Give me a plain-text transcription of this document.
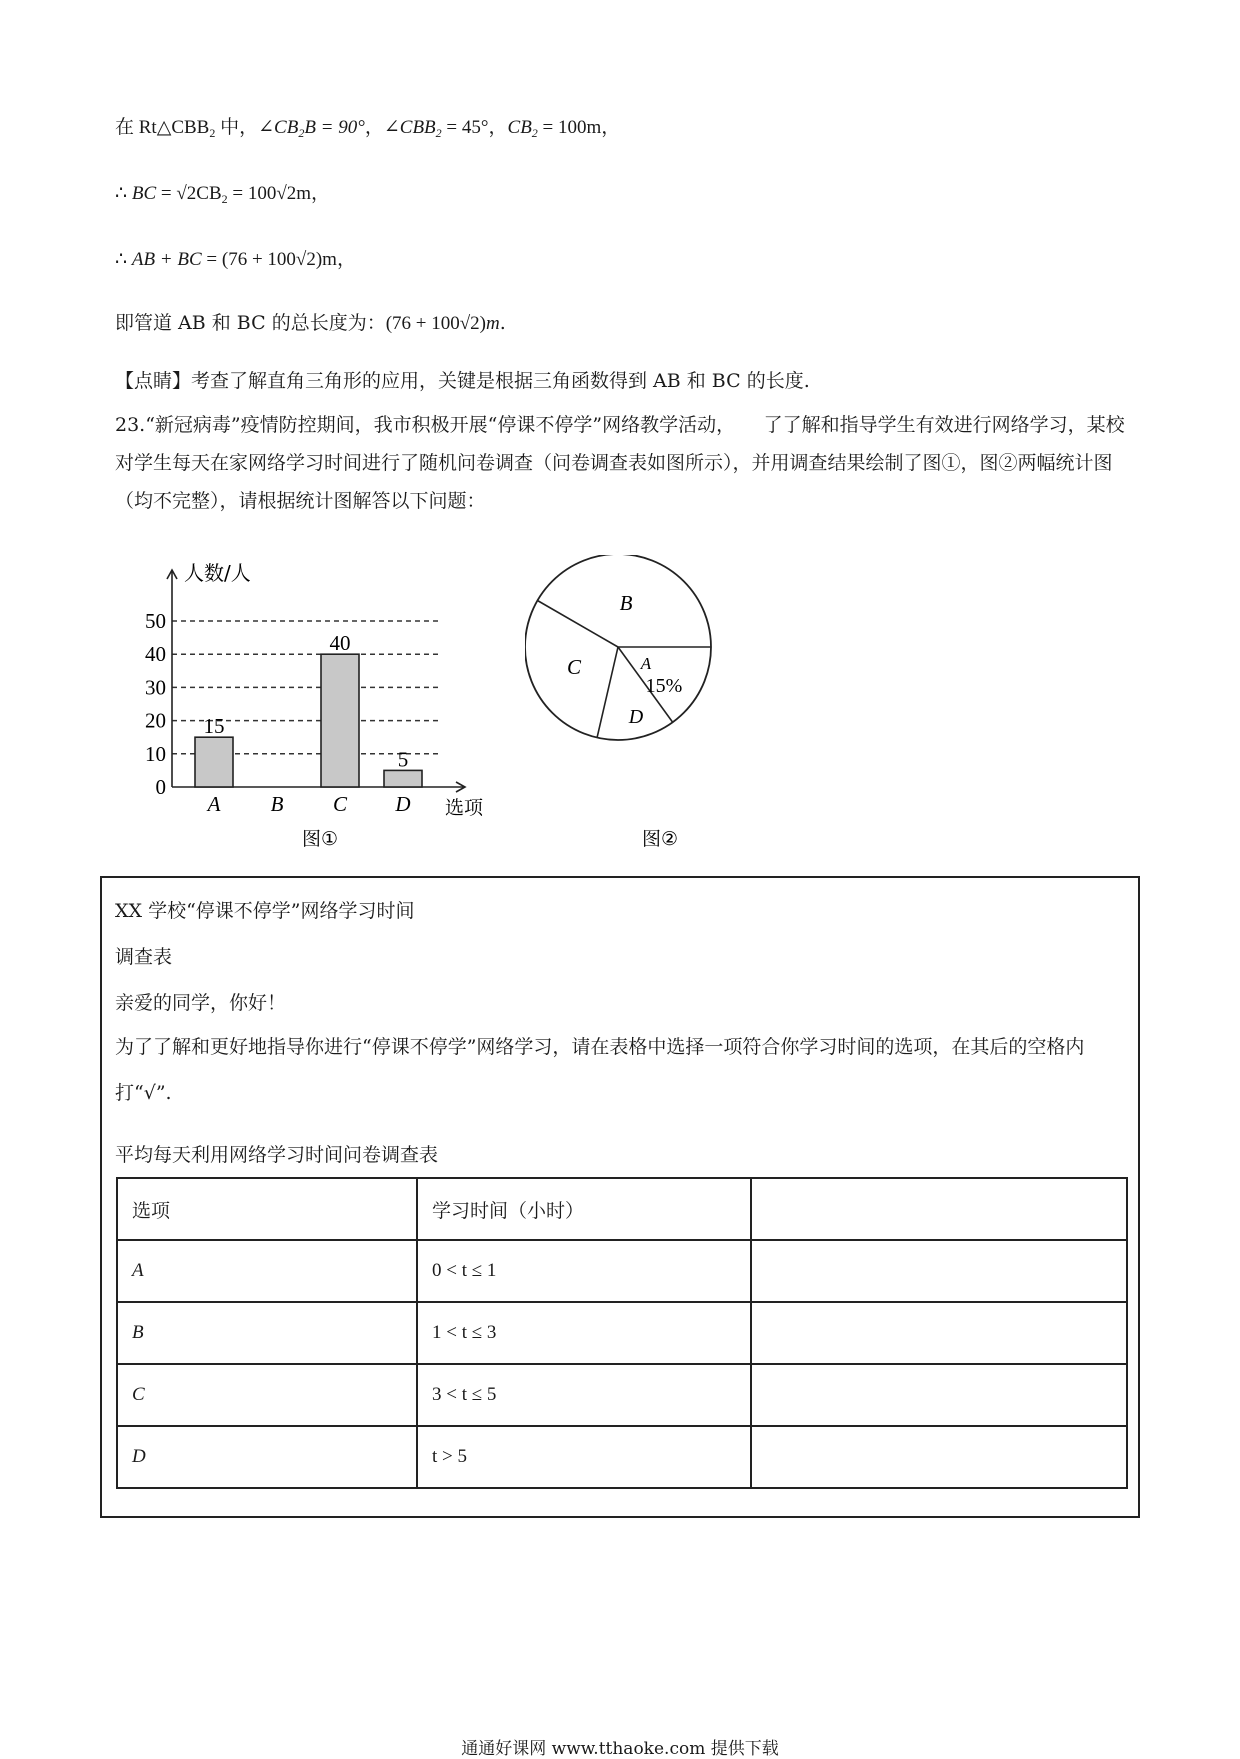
在 $Rt\triangle CBB_2$ 中，$\angle CB_2B = 90^\circ$，$\angle CBB_2 = 45^\circ$，$CB_2 = 100m$，
∴ BC = $√2CB_2 = 100√2m$，
∴ AB + BC = (76 + 100√2)m，
即管道 AB 和 BC 的总长度为：(76 + 100√2)m.
【点睛】考查了解直角三角形的应用，关键是根据三角函数得到 AB 和 BC 的长度.
23.“新冠病毒”疫情防控期间，我市积极开展“停课不停学”网络教学活动，　　了了解和指导学生有效进行网络学习，某校对学生每天在家网络学习时间进行了随机问卷调查（问卷调查表如图所示），并用调查结果绘制了图①，图②两幅统计图（均不完整），请根据统计图解答以下问题：
0
10
20
30
40
50
人数/人
选项
A
15
B C
40
D
5
图①
A
B
C
D
15%
图②
XX 学校“停课不停学”网络学习时间
调查表
亲爱的同学，你好！
为了了解和更好地指导你进行“停课不停学”网络学习，请在表格中选择一项符合你学习时间的选项，在其后的空格内打“√”.
平均每天利用网络学习时间问卷调查表
选项	学习时间（小时）	
A	0 < t ≤ 1	
B	1 < t ≤ 3	
C	3 < t ≤ 5	
D	t > 5	
通通好课网 www.tthaoke.com 提供下载
